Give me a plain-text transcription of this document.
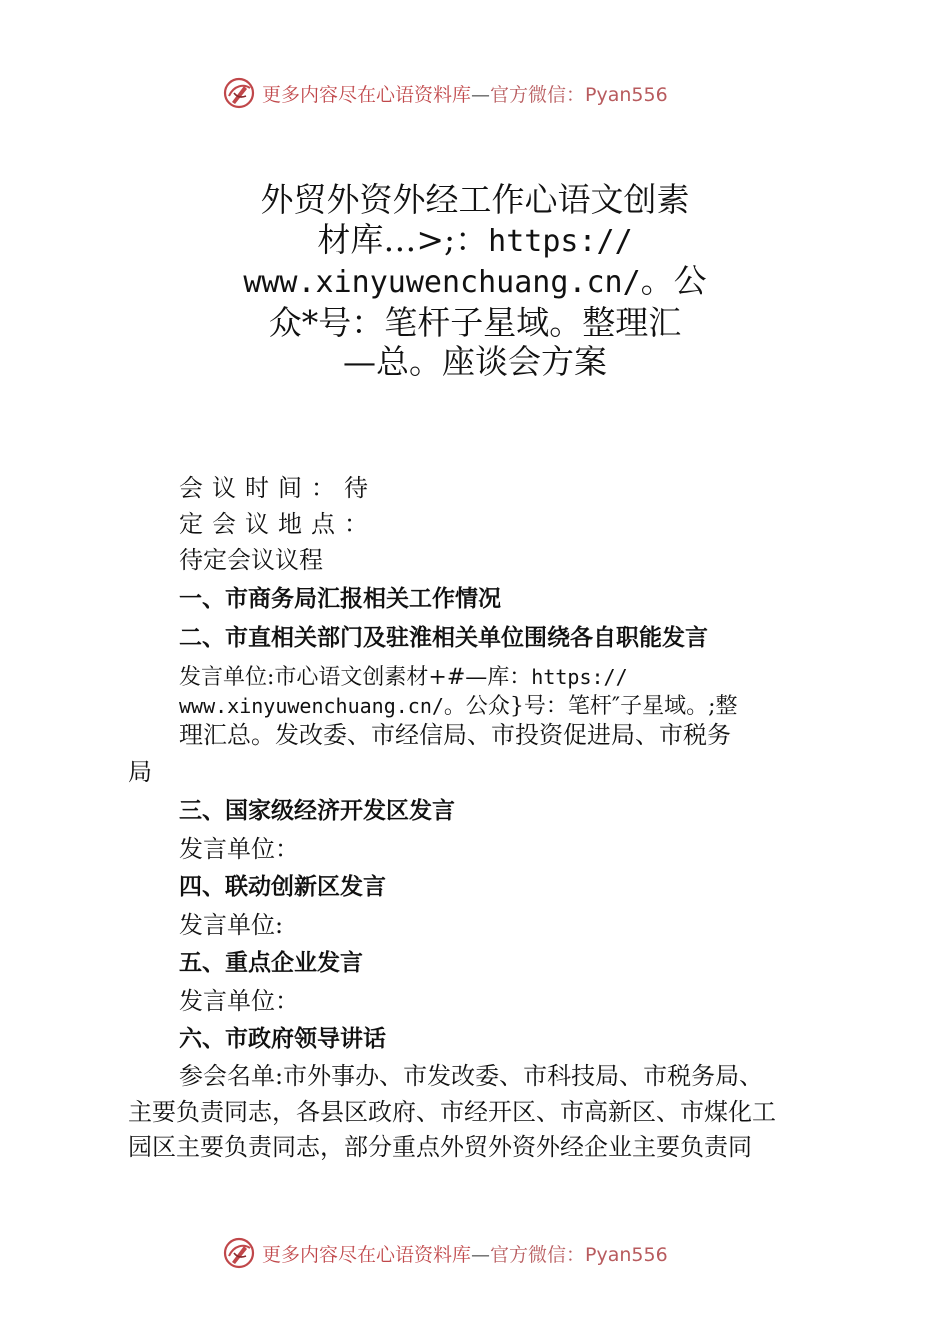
更多内容尽在心语资料库—官方微信：Pyan556
外贸外资外经工作心语文创素
材库…>;：https://
www.xinyuwenchuang.cn/。公
众*号：笔杆子星域。整理汇
—总。座谈会方案
会议时间：待
定会议地点：
待定会议议程
一、市商务局汇报相关工作情况
二、市直相关部门及驻淮相关单位围绕各自职能发言
发言单位:市心语文创素材+#—库：https://
www.xinyuwenchuang.cn/。公众}号：笔杆″子星域。;整
理汇总。发改委、市经信局、市投资促进局、市税务
局
三、国家级经济开发区发言
发言单位：
四、联动创新区发言
发言单位:
五、重点企业发言
发言单位：
六、市政府领导讲话
参会名单:市外事办、市发改委、市科技局、市税务局、
主要负责同志，各县区政府、市经开区、市高新区、市煤化工
园区主要负责同志，部分重点外贸外资外经企业主要负责同
更多内容尽在心语资料库—官方微信：Pyan556
